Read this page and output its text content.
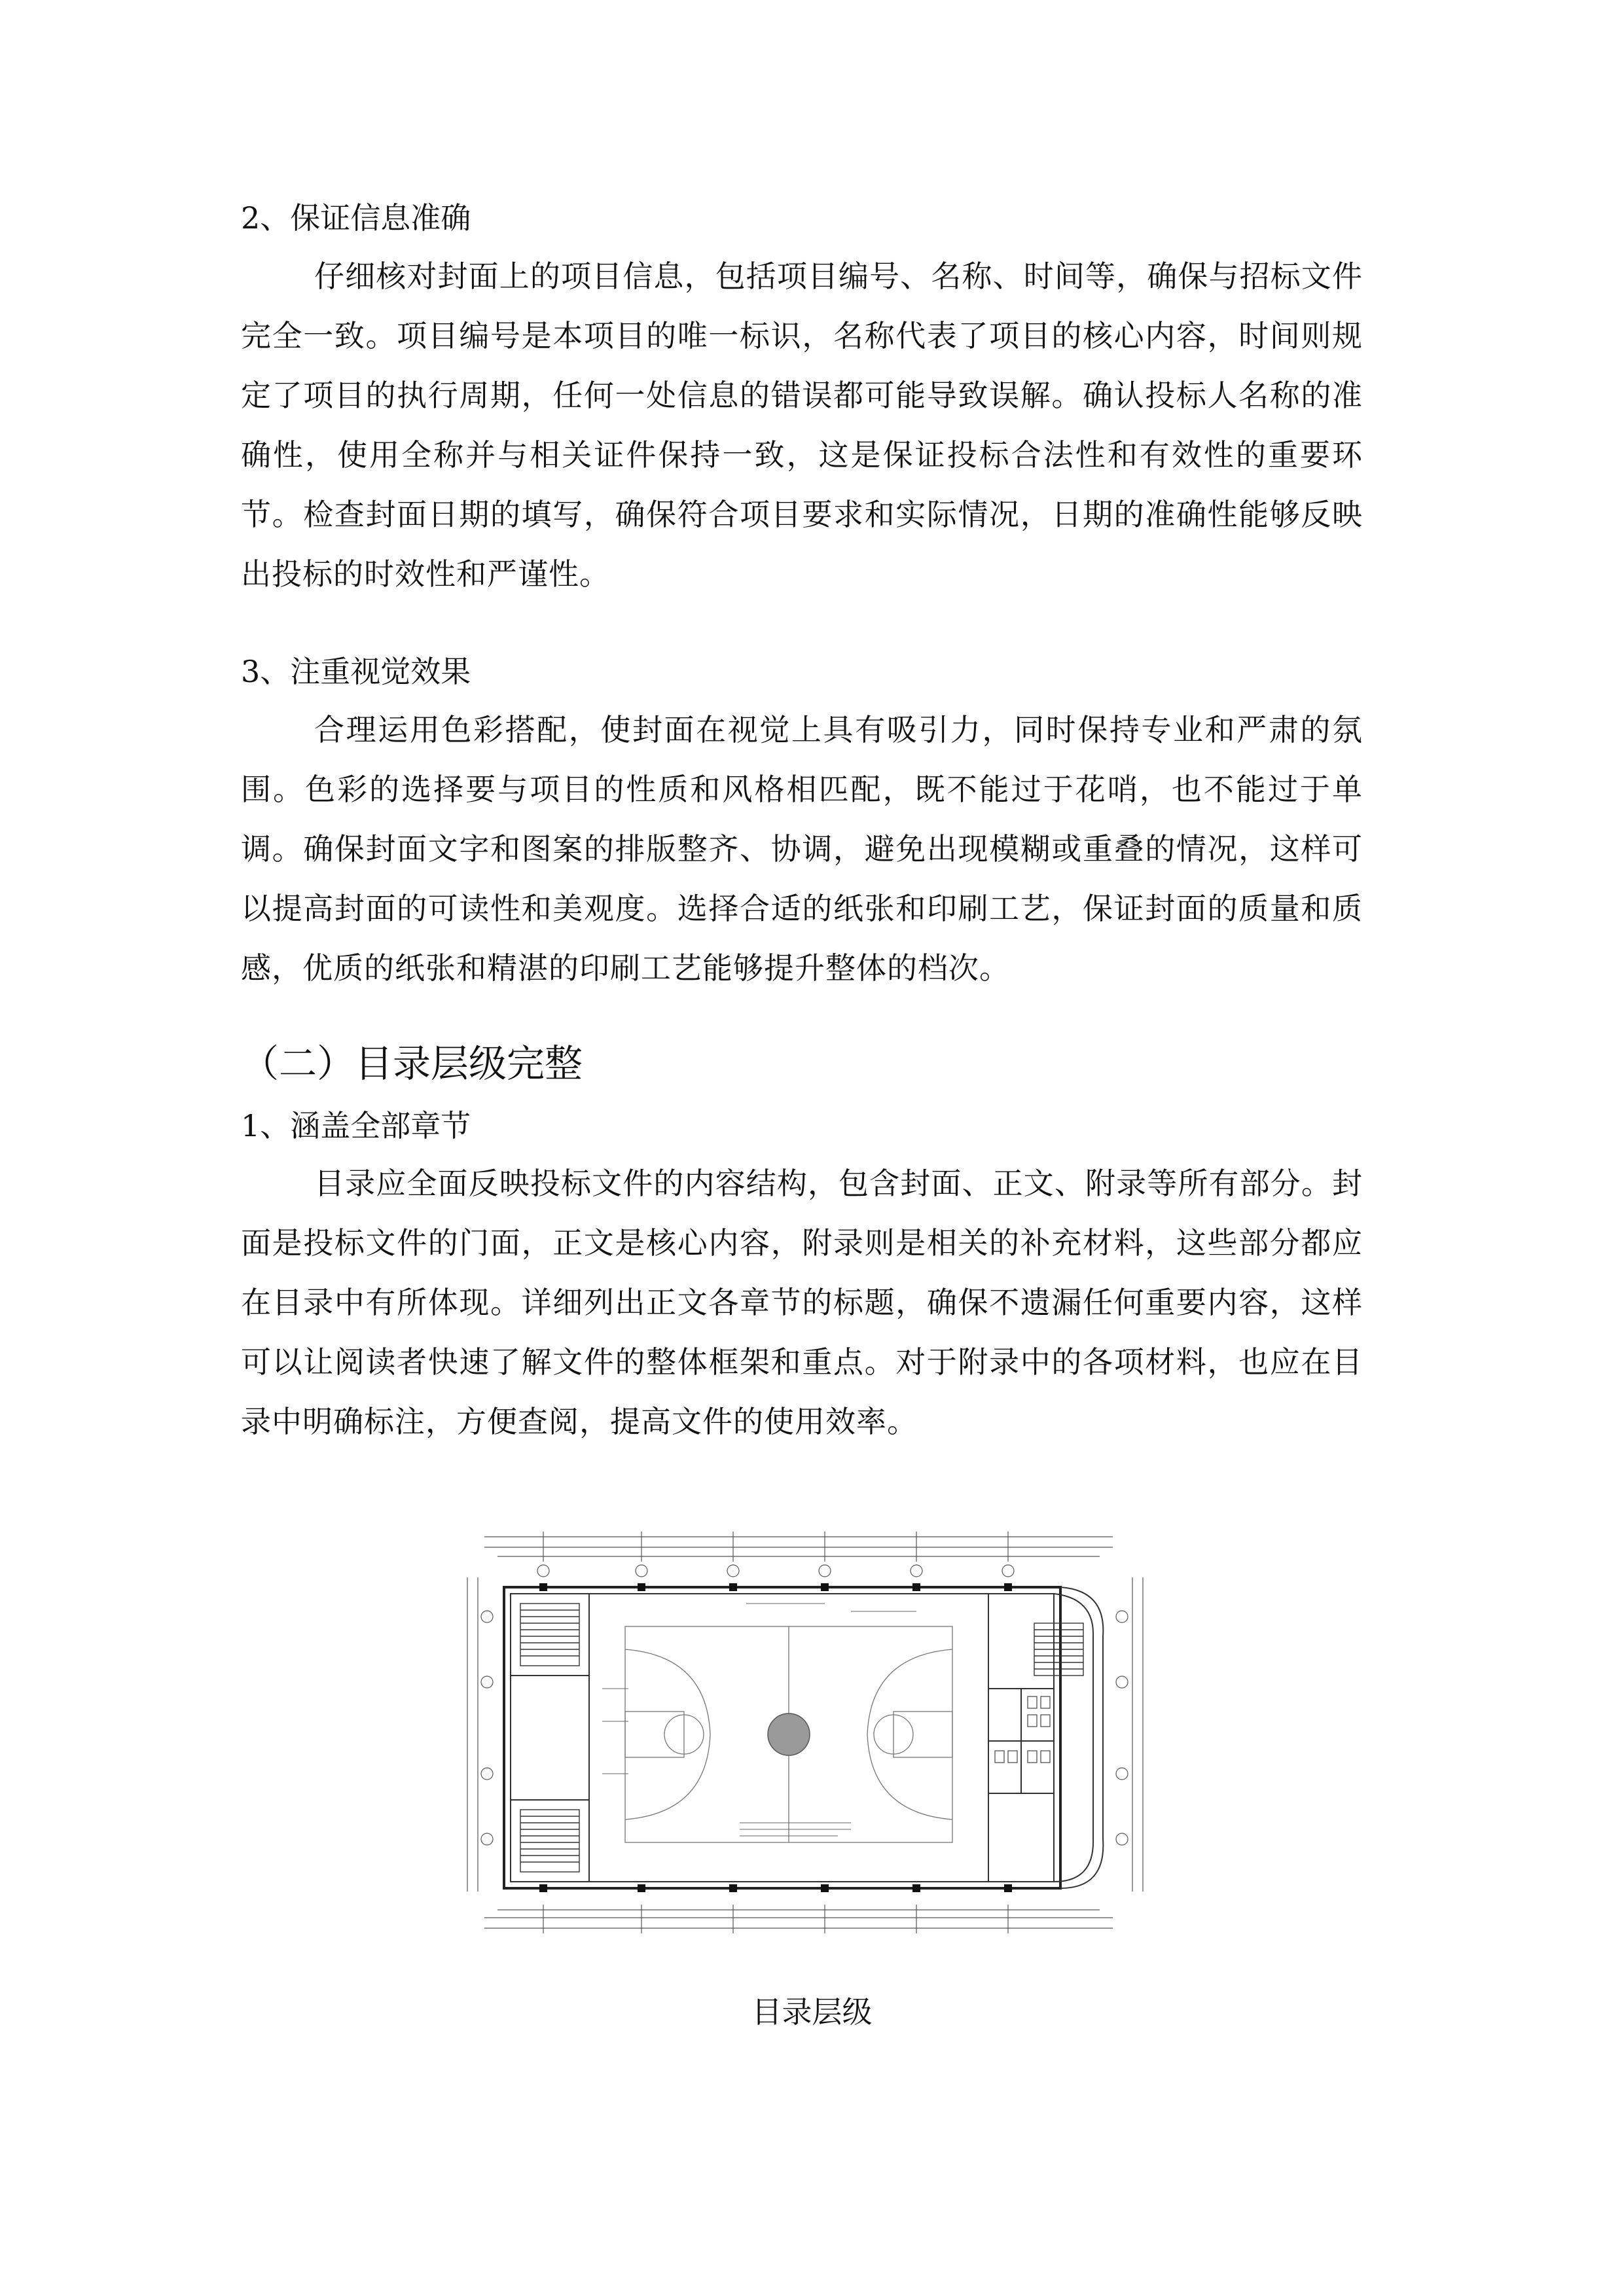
2、保证信息准确
仔细核对封面上的项目信息，包括项目编号、名称、时间等，确保与招标文件完全一致。项目编号是本项目的唯一标识，名称代表了项目的核心内容，时间则规定了项目的执行周期，任何一处信息的错误都可能导致误解。确认投标人名称的准确性，使用全称并与相关证件保持一致，这是保证投标合法性和有效性的重要环节。检查封面日期的填写，确保符合项目要求和实际情况，日期的准确性能够反映出投标的时效性和严谨性。
3、注重视觉效果
合理运用色彩搭配，使封面在视觉上具有吸引力，同时保持专业和严肃的氛围。色彩的选择要与项目的性质和风格相匹配，既不能过于花哨，也不能过于单调。确保封面文字和图案的排版整齐、协调，避免出现模糊或重叠的情况，这样可以提高封面的可读性和美观度。选择合适的纸张和印刷工艺，保证封面的质量和质感，优质的纸张和精湛的印刷工艺能够提升整体的档次。
（二）目录层级完整
1、涵盖全部章节
目录应全面反映投标文件的内容结构，包含封面、正文、附录等所有部分。封面是投标文件的门面，正文是核心内容，附录则是相关的补充材料，这些部分都应在目录中有所体现。详细列出正文各章节的标题，确保不遗漏任何重要内容，这样可以让阅读者快速了解文件的整体框架和重点。对于附录中的各项材料，也应在目录中明确标注，方便查阅，提高文件的使用效率。
目录层级
